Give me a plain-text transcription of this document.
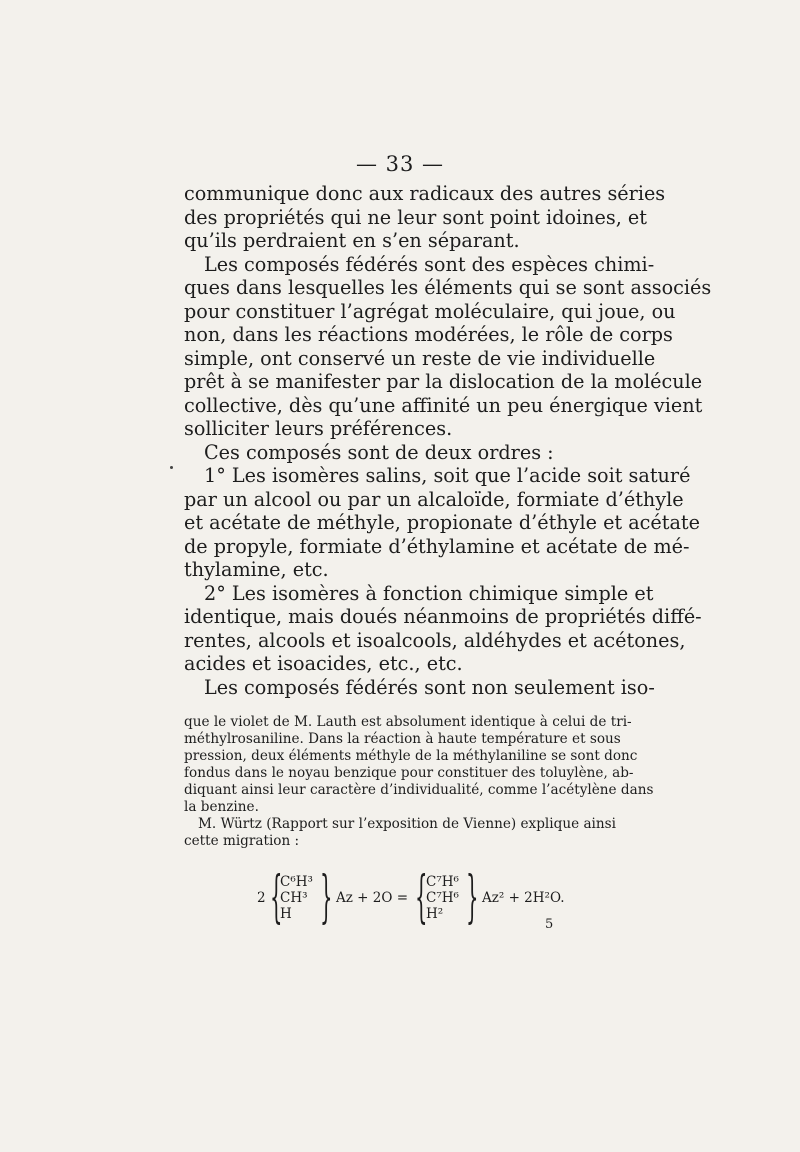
— 33 —
communique donc aux radicaux des autres séries
des propriétés qui ne leur sont point idoines, et
qu’ils perdraient en s’en séparant.
Les composés fédérés sont des espèces chimi-
ques dans lesquelles les éléments qui se sont associés
pour constituer l’agrégat moléculaire, qui joue, ou
non, dans les réactions modérées, le rôle de corps
simple, ont conservé un reste de vie individuelle
prêt à se manifester par la dislocation de la molécule
collective, dès qu’une affinité un peu énergique vient
solliciter leurs préférences.
Ces composés sont de deux ordres :
1° Les isomères salins, soit que l’acide soit saturé
par un alcool ou par un alcaloïde, formiate d’éthyle
et acétate de méthyle, propionate d’éthyle et acétate
de propyle, formiate d’éthylamine et acétate de mé-
thylamine, etc.
2° Les isomères à fonction chimique simple et
identique, mais doués néanmoins de propriétés diffé-
rentes, alcools et isoalcools, aldéhydes et acétones,
acides et isoacides, etc., etc.
Les composés fédérés sont non seulement iso-
que le violet de M. Lauth est absolument identique à celui de tri-
méthylrosaniline. Dans la réaction à haute température et sous
pression, deux éléments méthyle de la méthylaniline se sont donc
fondus dans le noyau benzique pour constituer des toluylène, ab-
diquant ainsi leur caractère d’individualité, comme l’acétylène dans
la benzine.
M. Würtz (Rapport sur l’exposition de Vienne) explique ainsi
cette migration :
2 {
C⁶H³
CH³
H } Az + 2O = {
C⁷H⁶
C⁷H⁶
H² } Az² + 2H²O.
5
